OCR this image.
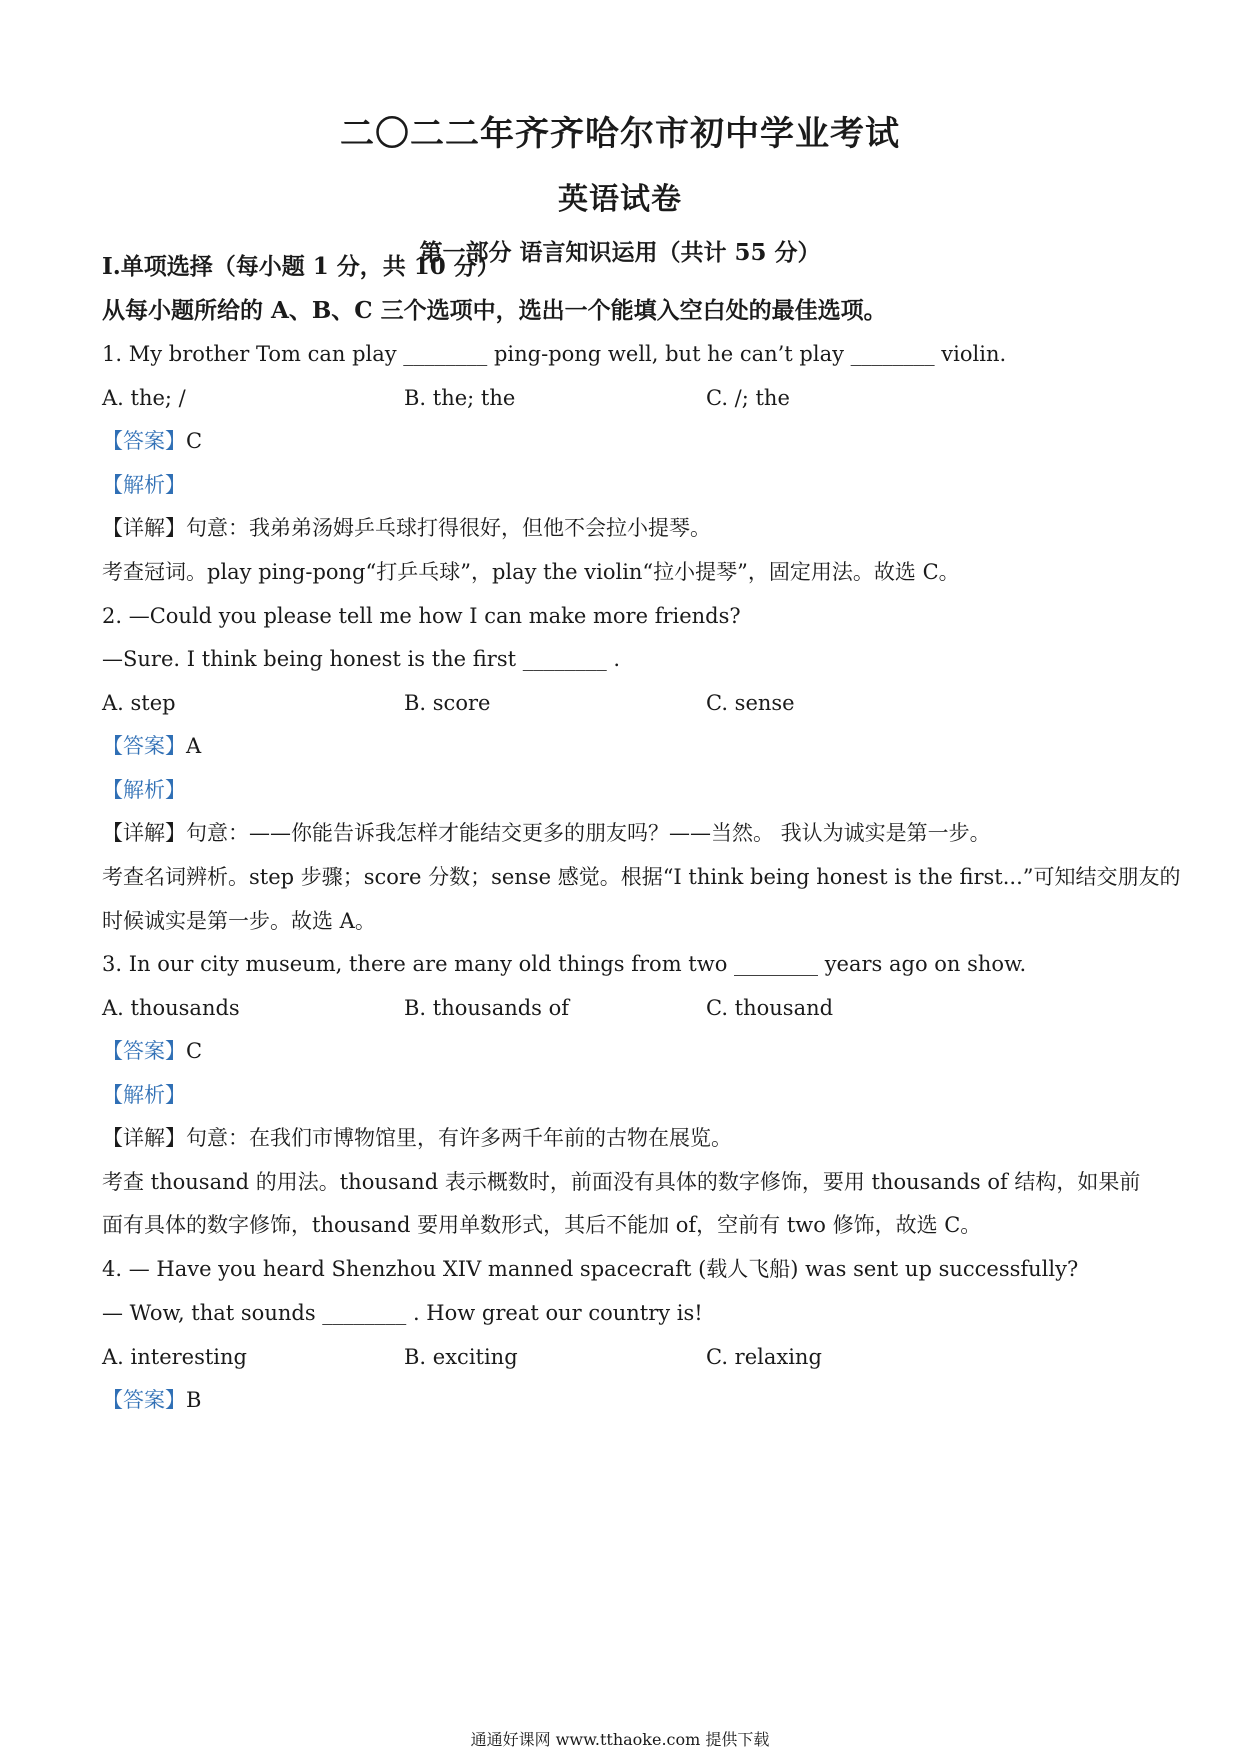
二〇二二年齐齐哈尔市初中学业考试
英语试卷
第一部分 语言知识运用（共计 55 分）
Ⅰ.单项选择（每小题 1 分，共 10 分）
从每小题所给的 A、B、C 三个选项中，选出一个能填入空白处的最佳选项。
1. My brother Tom can play ________ ping-pong well, but he can’t play ________ violin.
A. the; /	B. the; the	C. /; the
【答案】C
【解析】
【详解】句意：我弟弟汤姆乒乓球打得很好，但他不会拉小提琴。
考查冠词。play ping-pong“打乒乓球”，play the violin“拉小提琴”，固定用法。故选 C。
2. —Could you please tell me how I can make more friends?
—Sure. I think being honest is the first ________ .
A. step	B. score	C. sense
【答案】A
【解析】
【详解】句意：——你能告诉我怎样才能结交更多的朋友吗？——当然。 我认为诚实是第一步。
考查名词辨析。step 步骤；score 分数；sense 感觉。根据“I think being honest is the first...”可知结交朋友的
时候诚实是第一步。故选 A。
3. In our city museum, there are many old things from two ________ years ago on show.
A. thousands	B. thousands of	C. thousand
【答案】C
【解析】
【详解】句意：在我们市博物馆里，有许多两千年前的古物在展览。
考查 thousand 的用法。thousand 表示概数时，前面没有具体的数字修饰，要用 thousands of 结构，如果前
面有具体的数字修饰，thousand 要用单数形式，其后不能加 of，空前有 two 修饰，故选 C。
4. — Have you heard Shenzhou XIV manned spacecraft (载人飞船) was sent up successfully?
— Wow, that sounds ________ . How great our country is!
A. interesting	B. exciting	C. relaxing
【答案】B
通通好课网 www.tthaoke.com 提供下载
